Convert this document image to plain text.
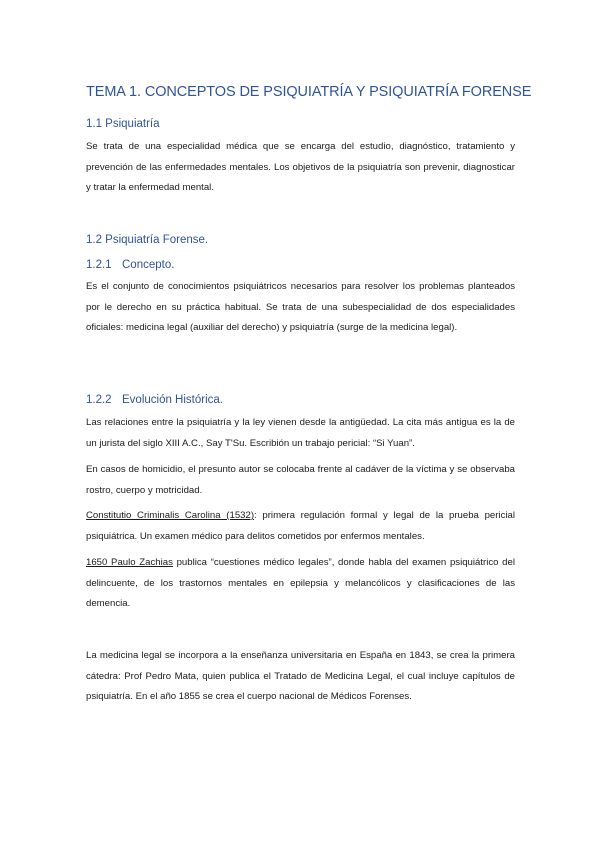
TEMA 1. CONCEPTOS DE PSIQUIATRÍA Y PSIQUIATRÍA FORENSE
1.1 Psiquiatría

Se trata de una especialidad médica que se encarga del estudio, diagnóstico, tratamiento y prevención de las enfermedades mentales. Los objetivos de la psiquiatría son prevenir, diagnosticar y tratar la enfermedad mental.

1.2 Psiquiatría Forense.
1.2.1 Concepto.

Es el conjunto de conocimientos psiquiátricos necesarios para resolver los problemas planteados por le derecho en su práctica habitual. Se trata de una subespecialidad de dos especialidades oficiales: medicina legal (auxiliar del derecho) y psiquiatría (surge de la medicina legal).

1.2.2 Evolución Histórica.

Las relaciones entre la psiquiatría y la ley vienen desde la antigüedad. La cita más antigua es la de un jurista del siglo XIII A.C., Say T'Su. Escribión un trabajo pericial: “Si Yuan”.

En casos de homicidio, el presunto autor se colocaba frente al cadáver de la víctima y se observaba rostro, cuerpo y motricidad.

Constitutio Criminalis Carolina (1532): primera regulación formal y legal de la prueba pericial psiquiátrica. Un examen médico para delitos cometidos por enfermos mentales.

1650 Paulo Zachias publica “cuestiones médico legales”, donde habla del examen psiquiátrico del delincuente, de los trastornos mentales en epilepsia y melancólicos y clasificaciones de las demencia.

La medicina legal se incorpora a la enseñanza universitaria en España en 1843, se crea la primera cátedra: Prof Pedro Mata, quien publica el Tratado de Medicina Legal, el cual incluye capítulos de psiquiatría. En el año 1855 se crea el cuerpo nacional de Médicos Forenses.
